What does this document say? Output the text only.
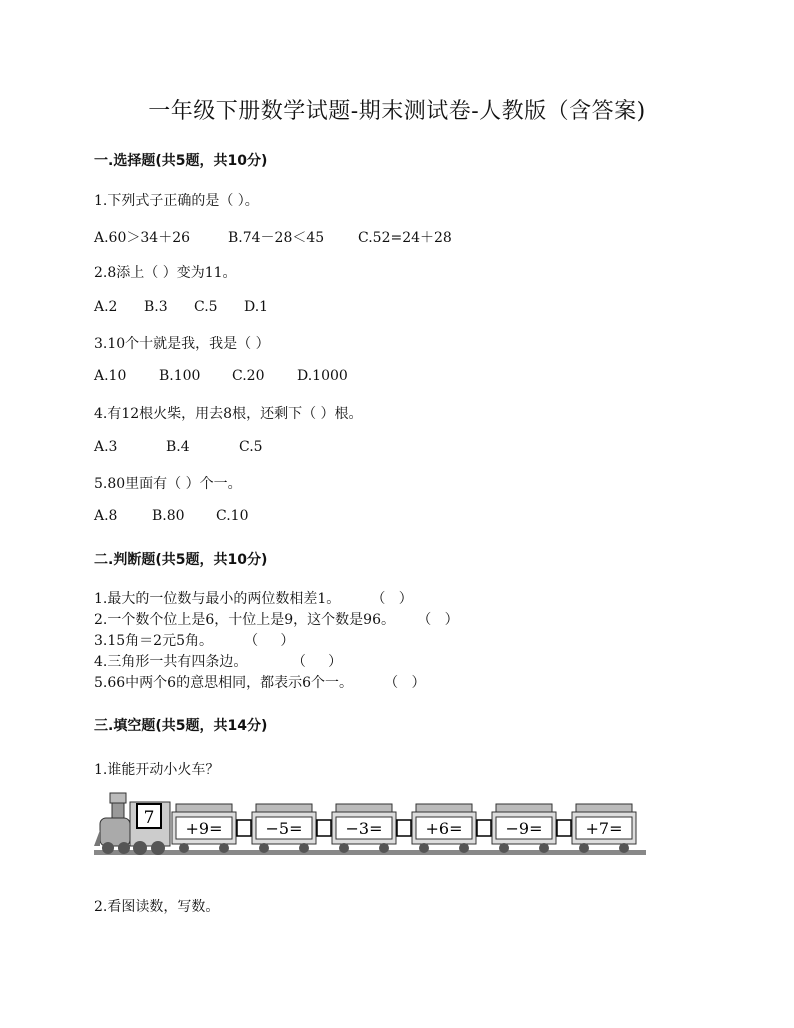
一年级下册数学试题-期末测试卷-人教版（含答案)
一.选择题(共5题，共10分)
1.下列式子正确的是（ ）。
A.60＞34＋26	B.74－28＜45 C.52=24＋28
2.8添上（ ）变为11。
A.2 B.3 C.5 D.1
3.10个十就是我，我是（ ）
A.10 B.100 C.20 D.1000
4.有12根火柴，用去8根，还剩下（ ）根。
A.3	B.4	C.5
5.80里面有（ ）个一。
A.8 B.80 C.10
二.判断题(共5题，共10分)
1.最大的一位数与最小的两位数相差1。       （   ）
2.一个数个位上是6，十位上是9，这个数是96。     （   ）
3.15角＝2元5角。       （     ）
4.三角形一共有四条边。          （     ）
5.66中两个6的意思相同，都表示6个一。       （   ）
三.填空题(共5题，共14分)
1.谁能开动小火车？
7
+9=	−5=	−3=	+6=	−9=	+7=
2.看图读数，写数。
